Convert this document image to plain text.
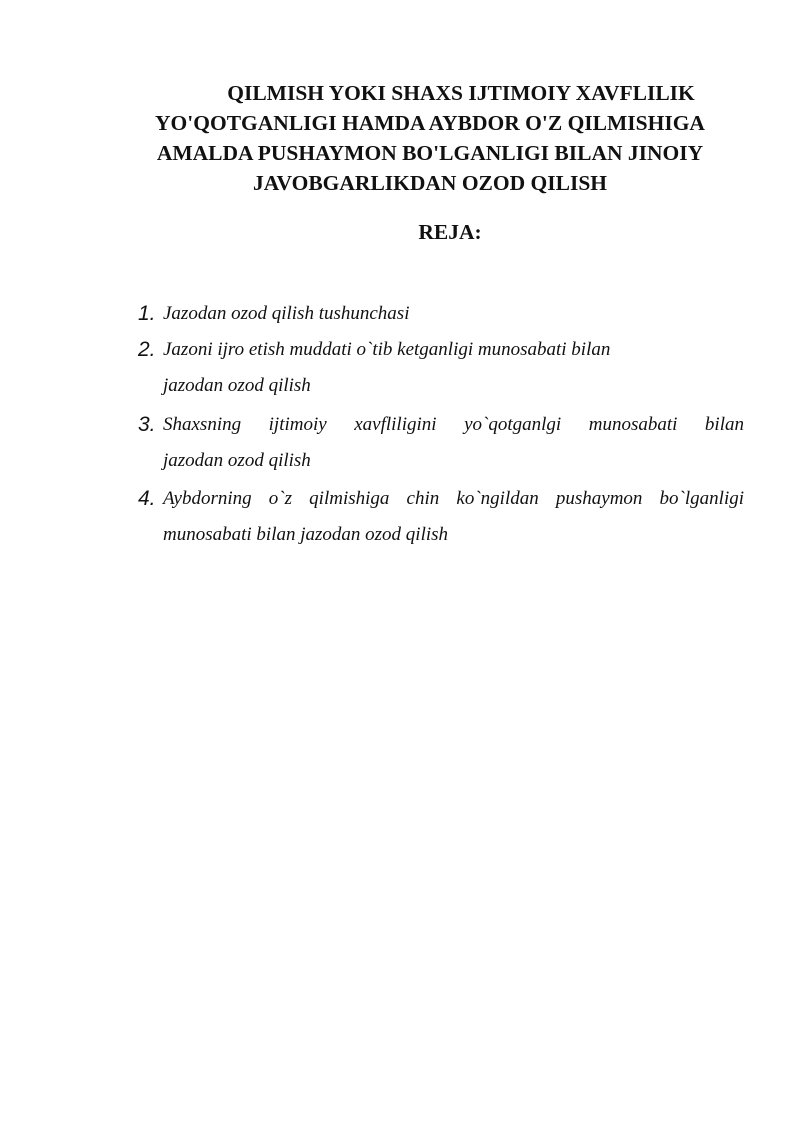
QILMISH YOKI SHAXS IJTIMOIY XAVFLILIK
YO'QOTGANLIGI HAMDA AYBDOR O'Z QILMISHIGA
AMALDA PUSHAYMON BO'LGANLIGI BILAN JINOIY
JAVOBGARLIKDAN OZOD QILISH
REJA:
1. Jazodan ozod qilish tushunchasi
2. Jazoni ijro etish muddati o`tib ketganligi munosabati bilan
jazodan ozod qilish
3. Shaxsning ijtimoiy xavfliligini yo`qotganlgi munosabati bilan
jazodan ozod qilish
4. Aybdorning o`z qilmishiga chin ko`ngildan pushaymon bo`lganligi
munosabati bilan jazodan ozod qilish
